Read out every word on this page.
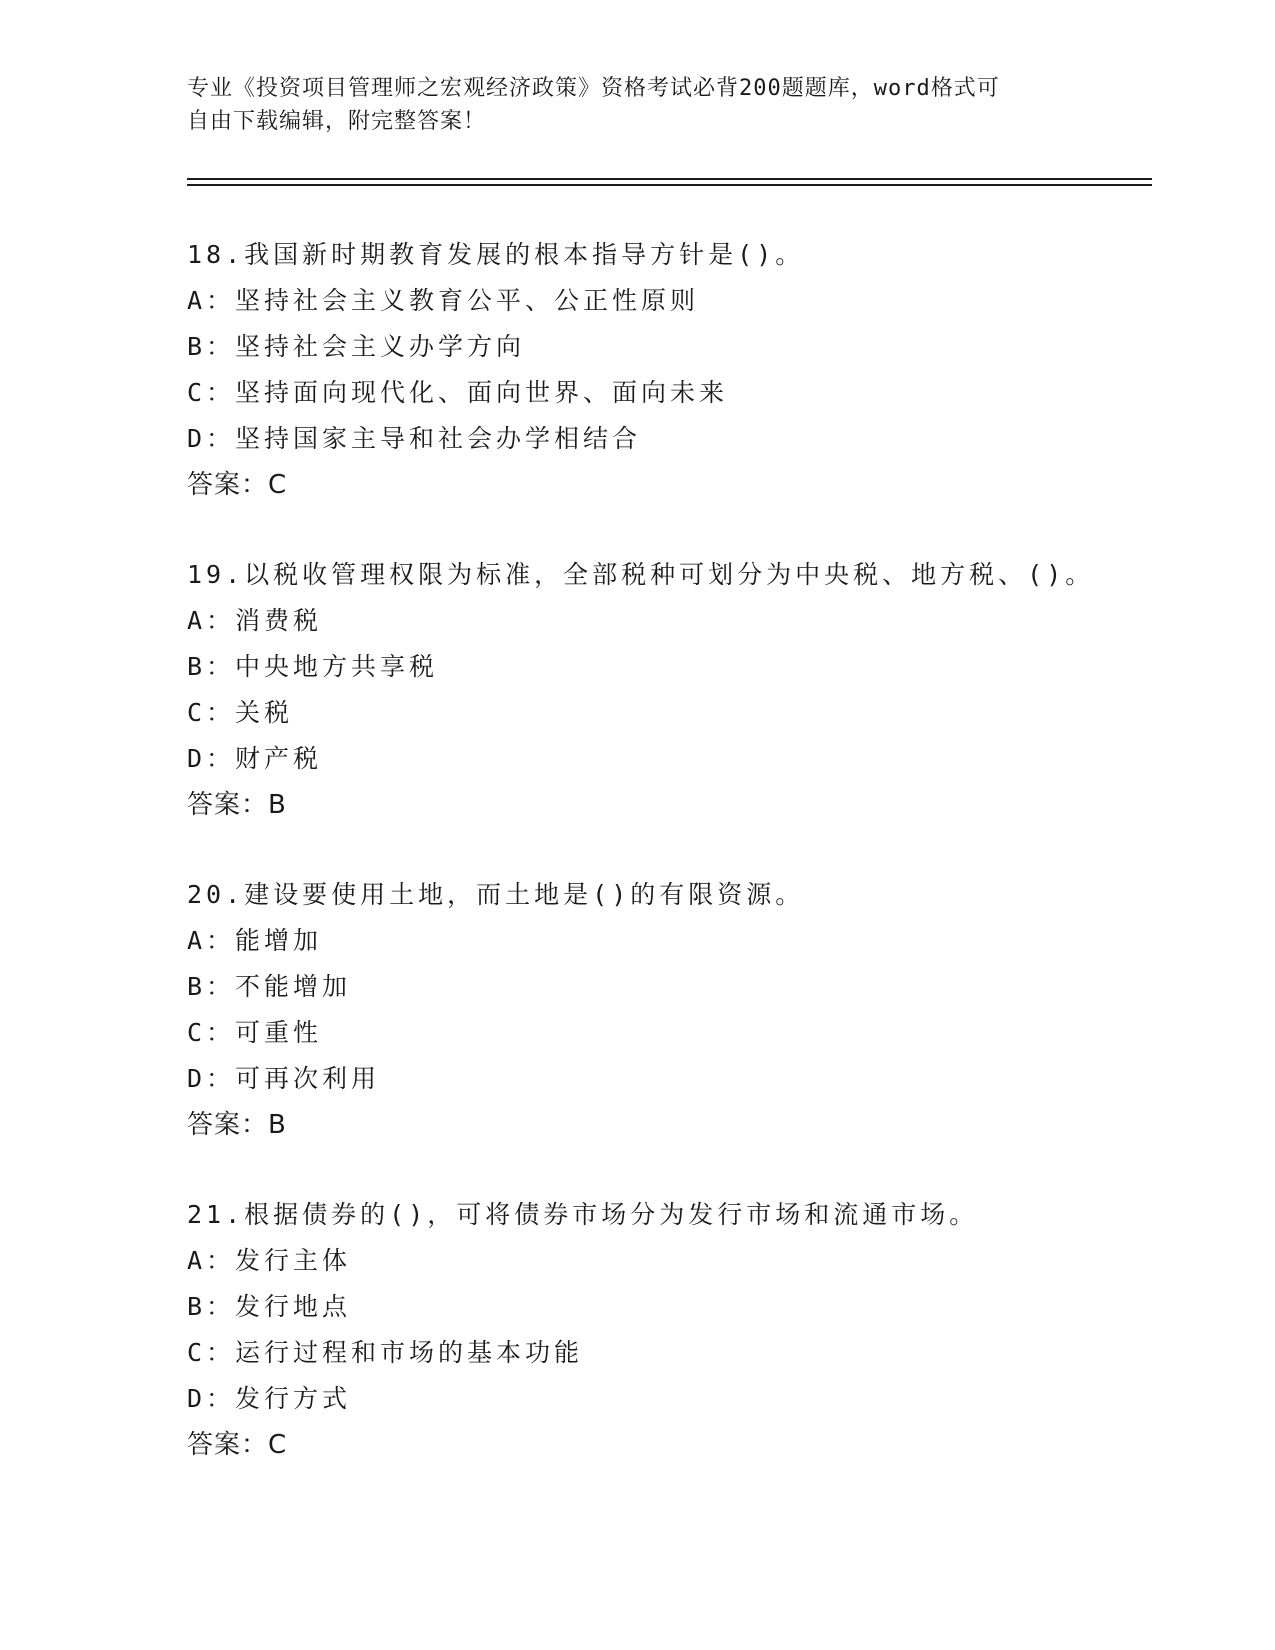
专业《投资项目管理师之宏观经济政策》资格考试必背200题题库，word格式可
自由下载编辑，附完整答案！
18.我国新时期教育发展的根本指导方针是()。
A：坚持社会主义教育公平、公正性原则
B：坚持社会主义办学方向
C：坚持面向现代化、面向世界、面向未来
D：坚持国家主导和社会办学相结合
答案：C
19.以税收管理权限为标准，全部税种可划分为中央税、地方税、()。
A：消费税
B：中央地方共享税
C：关税
D：财产税
答案：B
20.建设要使用土地，而土地是()的有限资源。
A：能增加
B：不能增加
C：可重性
D：可再次利用
答案：B
21.根据债券的()，可将债券市场分为发行市场和流通市场。
A：发行主体
B：发行地点
C：运行过程和市场的基本功能
D：发行方式
答案：C
